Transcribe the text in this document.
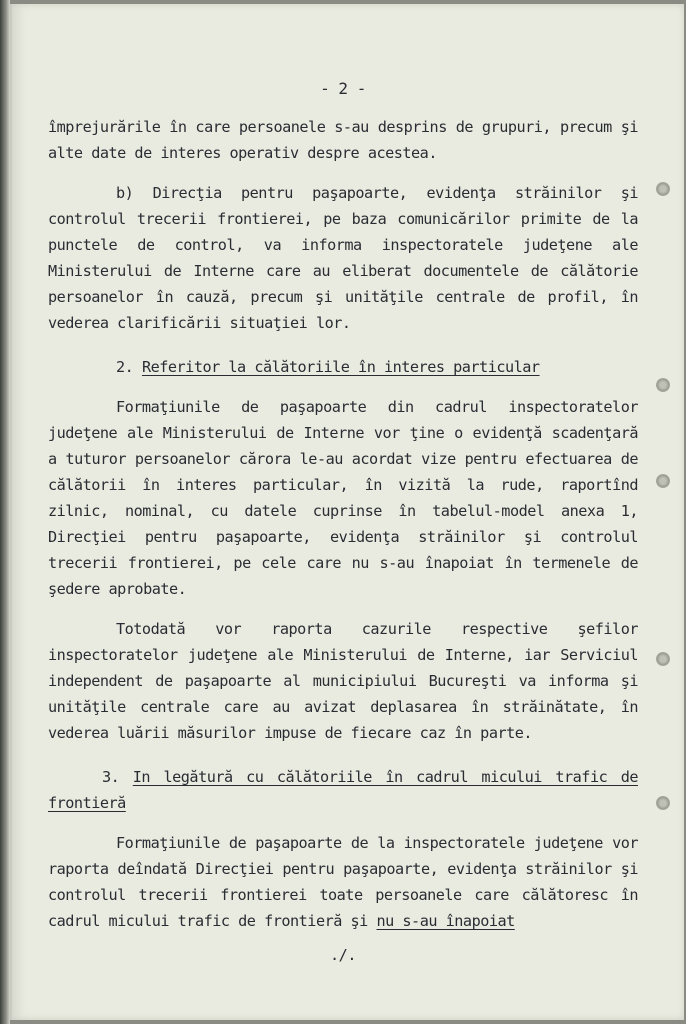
- 2 -

împrejurările în care persoanele s-au desprins de grupuri, precum şi alte date de interes operativ despre acestea.

b) Direcţia pentru paşapoarte, evidenţa străinilor şi controlul trecerii frontierei, pe baza comunicărilor primite de la punctele de control, va informa inspectoratele judeţene ale Ministerului de Interne care au eliberat documentele de călătorie persoanelor în cauză, precum şi unităţile centrale de profil, în vederea clarificării situaţiei lor.

2. Referitor la călătoriile în interes particular

Formaţiunile de paşapoarte din cadrul inspectoratelor judeţene ale Ministerului de Interne vor ţine o evidenţă scadenţară a tuturor persoanelor cărora le-au acordat vize pentru efectuarea de călătorii în interes particular, în vizită la rude, raportînd zilnic, nominal, cu datele cuprinse în tabelul-model anexa 1, Direcţiei pentru paşapoarte, evidenţa străinilor şi controlul trecerii frontierei, pe cele care nu s-au înapoiat în termenele de şedere aprobate.

Totodată vor raporta cazurile respective şefilor inspectoratelor judeţene ale Ministerului de Interne, iar Serviciul independent de paşapoarte al municipiului Bucureşti va informa şi unităţile centrale care au avizat deplasarea în străinătate, în vederea luării măsurilor impuse de fiecare caz în parte.

3. In legătură cu călătoriile în cadrul micului trafic de frontieră

Formaţiunile de paşapoarte de la inspectoratele judeţene vor raporta deîndată Direcţiei pentru paşapoarte, evidenţa străinilor şi controlul trecerii frontierei toate persoanele care călătoresc în cadrul micului trafic de frontieră şi nu s-au înapoiat

./.
